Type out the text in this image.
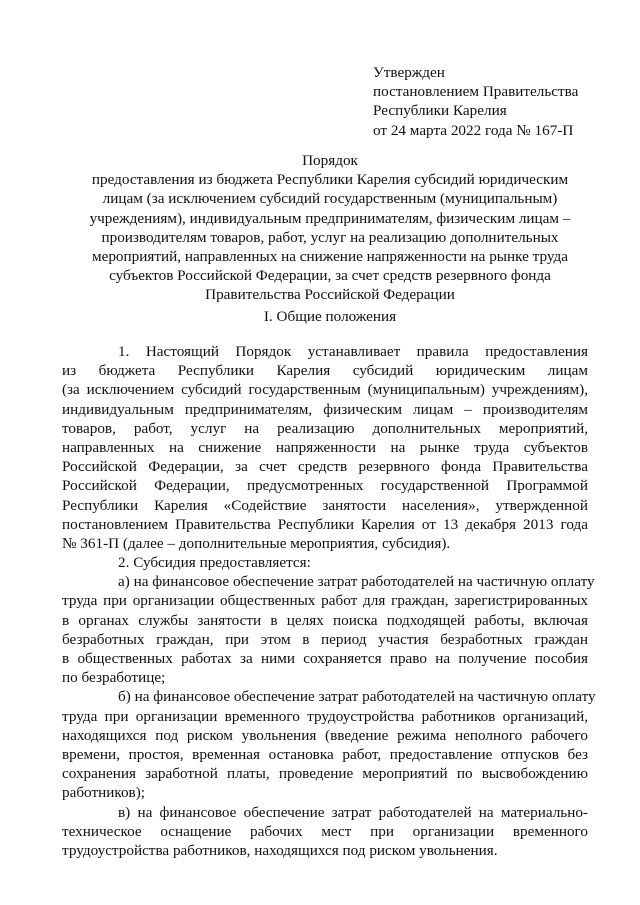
Утвержден
постановлением Правительства
Республики Карелия
от 24 марта 2022 года № 167-П
Порядок
предоставления из бюджета Республики Карелия субсидий юридическим
лицам (за исключением субсидий государственным (муниципальным)
учреждениям), индивидуальным предпринимателям, физическим лицам –
производителям товаров, работ, услуг на реализацию дополнительных
мероприятий, направленных на снижение напряженности на рынке труда
субъектов Российской Федерации, за счет средств резервного фонда
Правительства Российской Федерации
I. Общие положения
1. Настоящий Порядок устанавливает правила предоставления
из бюджета Республики Карелия субсидий юридическим лицам
(за исключением субсидий государственным (муниципальным) учреждениям),
индивидуальным предпринимателям, физическим лицам – производителям
товаров, работ, услуг на реализацию дополнительных мероприятий,
направленных на снижение напряженности на рынке труда субъектов
Российской Федерации, за счет средств резервного фонда Правительства
Российской Федерации, предусмотренных государственной Программой
Республики Карелия «Содействие занятости населения», утвержденной
постановлением Правительства Республики Карелия от 13 декабря 2013 года
№ 361-П (далее – дополнительные мероприятия, субсидия).
2. Субсидия предоставляется:
а) на финансовое обеспечение затрат работодателей на частичную оплату
труда при организации общественных работ для граждан, зарегистрированных
в органах службы занятости в целях поиска подходящей работы, включая
безработных граждан, при этом в период участия безработных граждан
в общественных работах за ними сохраняется право на получение пособия
по безработице;
б) на финансовое обеспечение затрат работодателей на частичную оплату
труда при организации временного трудоустройства работников организаций,
находящихся под риском увольнения (введение режима неполного рабочего
времени, простоя, временная остановка работ, предоставление отпусков без
сохранения заработной платы, проведение мероприятий по высвобождению
работников);
в) на финансовое обеспечение затрат работодателей на материально-
техническое оснащение рабочих мест при организации временного
трудоустройства работников, находящихся под риском увольнения.
